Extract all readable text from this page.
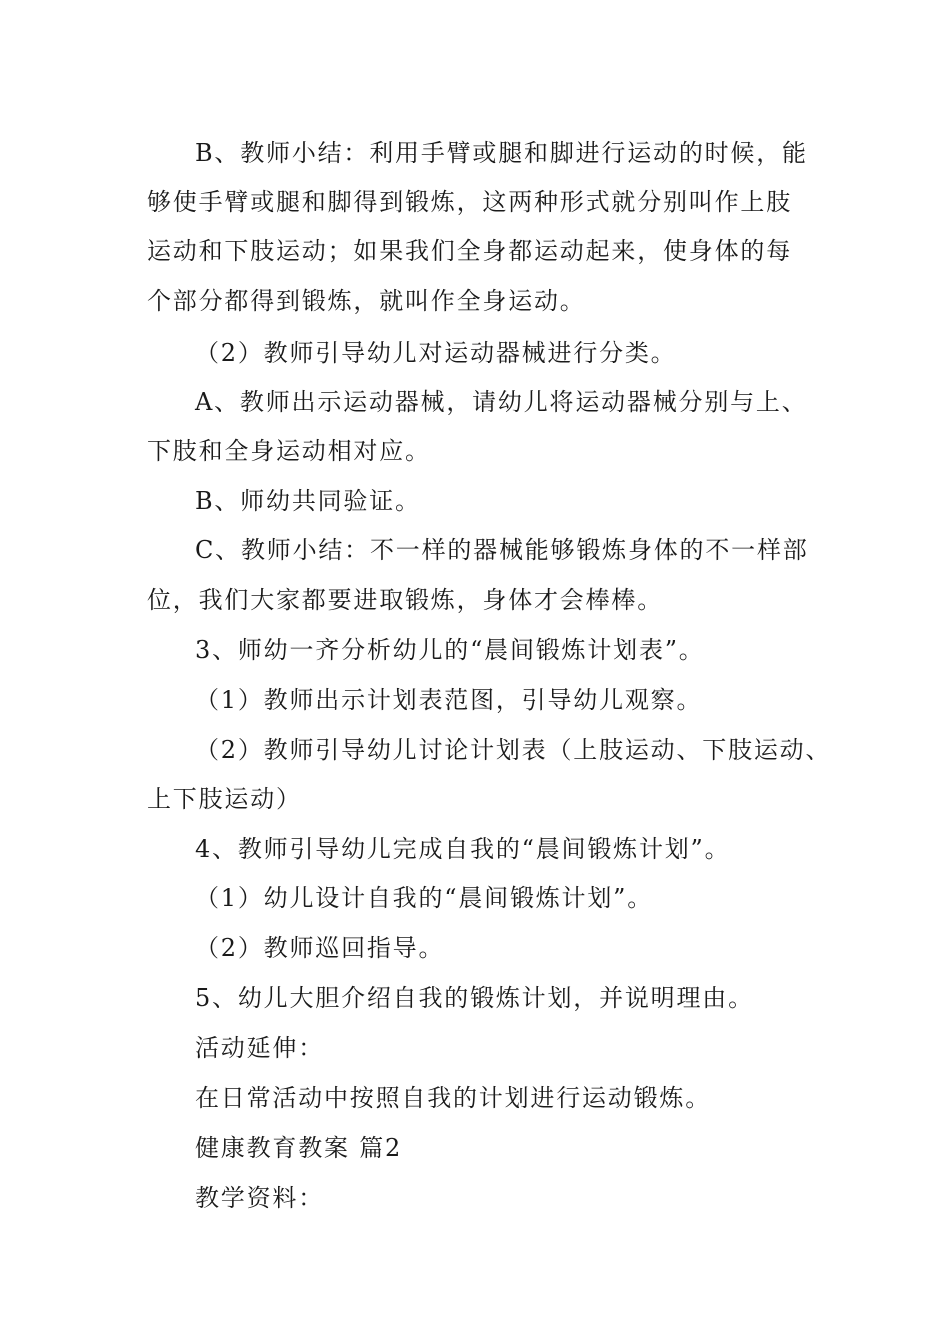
B、教师小结：利用手臂或腿和脚进行运动的时候，能
够使手臂或腿和脚得到锻炼，这两种形式就分别叫作上肢
运动和下肢运动；如果我们全身都运动起来，使身体的每
个部分都得到锻炼，就叫作全身运动。
（2）教师引导幼儿对运动器械进行分类。
A、教师出示运动器械，请幼儿将运动器械分别与上、
下肢和全身运动相对应。
B、师幼共同验证。
C、教师小结：不一样的器械能够锻炼身体的不一样部
位，我们大家都要进取锻炼，身体才会棒棒。
3、师幼一齐分析幼儿的“晨间锻炼计划表”。
（1）教师出示计划表范图，引导幼儿观察。
（2）教师引导幼儿讨论计划表（上肢运动、下肢运动、
上下肢运动）
4、教师引导幼儿完成自我的“晨间锻炼计划”。
（1）幼儿设计自我的“晨间锻炼计划”。
（2）教师巡回指导。
5、幼儿大胆介绍自我的锻炼计划，并说明理由。
活动延伸：
在日常活动中按照自我的计划进行运动锻炼。
健康教育教案 篇2
教学资料：
